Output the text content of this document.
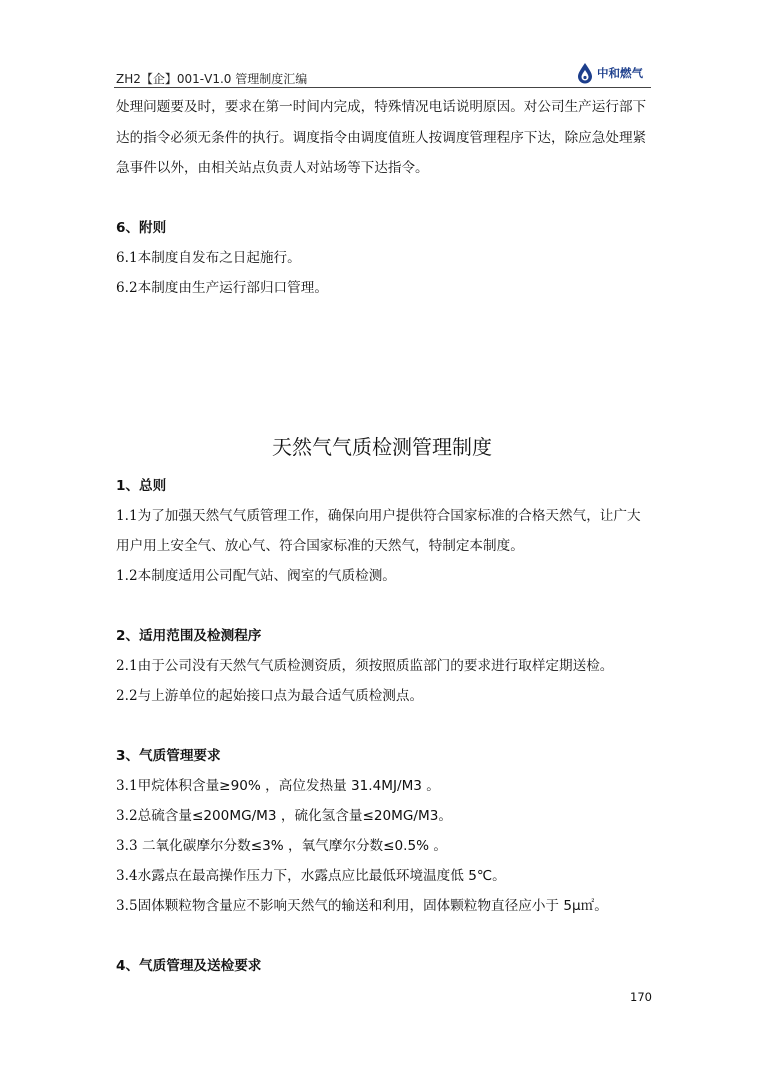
ZH2【企】001-V1.0 管理制度汇编	中和燃气
处理问题要及时，要求在第一时间内完成，特殊情况电话说明原因。对公司生产运行部下
达的指令必须无条件的执行。调度指令由调度值班人按调度管理程序下达，除应急处理紧
急事件以外，由相关站点负责人对站场等下达指令。
6、附则
6.1本制度自发布之日起施行。
6.2本制度由生产运行部归口管理。
天然气气质检测管理制度
1、总则
1.1为了加强天然气气质管理工作，确保向用户提供符合国家标准的合格天然气，让广大
用户用上安全气、放心气、符合国家标准的天然气，特制定本制度。
1.2本制度适用公司配气站、阀室的气质检测。
2、适用范围及检测程序
2.1由于公司没有天然气气质检测资质，须按照质监部门的要求进行取样定期送检。
2.2与上游单位的起始接口点为最合适气质检测点。
3、气质管理要求
3.1甲烷体积含量≥90% ，高位发热量 31.4MJ/M3 。
3.2总硫含量≤200MG/M3 ，硫化氢含量≤20MG/M3。
3.3 二氧化碳摩尔分数≤3% ，氧气摩尔分数≤0.5% 。
3.4水露点在最高操作压力下，水露点应比最低环境温度低 5℃。
3.5固体颗粒物含量应不影响天然气的输送和利用，固体颗粒物直径应小于 5μ㎡。
4、气质管理及送检要求
170
